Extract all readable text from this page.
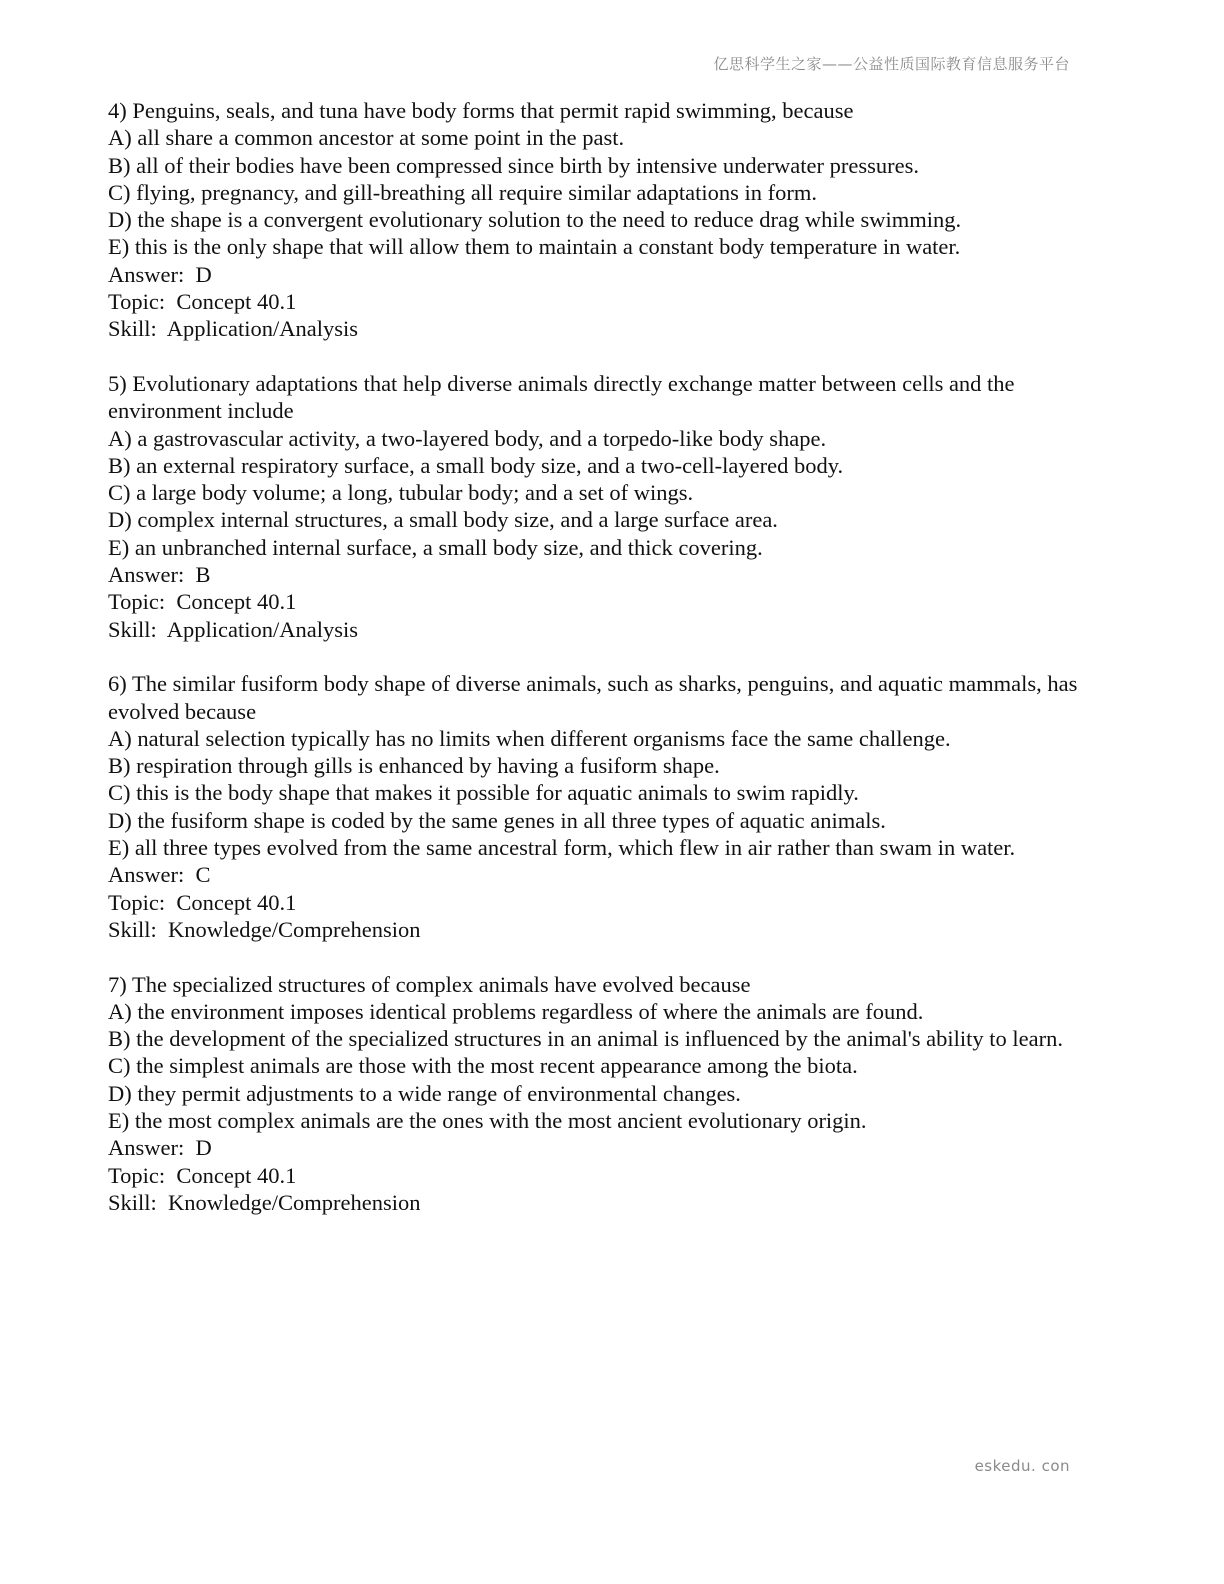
亿思科学生之家——公益性质国际教育信息服务平台
4) Penguins, seals, and tuna have body forms that permit rapid swimming, because
A) all share a common ancestor at some point in the past.
B) all of their bodies have been compressed since birth by intensive underwater pressures.
C) flying, pregnancy, and gill-breathing all require similar adaptations in form.
D) the shape is a convergent evolutionary solution to the need to reduce drag while swimming.
E) this is the only shape that will allow them to maintain a constant body temperature in water.
Answer:  D
Topic:  Concept 40.1
Skill:  Application/Analysis
5) Evolutionary adaptations that help diverse animals directly exchange matter between cells and the environment include
A) a gastrovascular activity, a two-layered body, and a torpedo-like body shape.
B) an external respiratory surface, a small body size, and a two-cell-layered body.
C) a large body volume; a long, tubular body; and a set of wings.
D) complex internal structures, a small body size, and a large surface area.
E) an unbranched internal surface, a small body size, and thick covering.
Answer:  B
Topic:  Concept 40.1
Skill:  Application/Analysis
6) The similar fusiform body shape of diverse animals, such as sharks, penguins, and aquatic mammals, has evolved because
A) natural selection typically has no limits when different organisms face the same challenge.
B) respiration through gills is enhanced by having a fusiform shape.
C) this is the body shape that makes it possible for aquatic animals to swim rapidly.
D) the fusiform shape is coded by the same genes in all three types of aquatic animals.
E) all three types evolved from the same ancestral form, which flew in air rather than swam in water.
Answer:  C
Topic:  Concept 40.1
Skill:  Knowledge/Comprehension
7) The specialized structures of complex animals have evolved because
A) the environment imposes identical problems regardless of where the animals are found.
B) the development of the specialized structures in an animal is influenced by the animal's ability to learn.
C) the simplest animals are those with the most recent appearance among the biota.
D) they permit adjustments to a wide range of environmental changes.
E) the most complex animals are the ones with the most ancient evolutionary origin.
Answer:  D
Topic:  Concept 40.1
Skill:  Knowledge/Comprehension
eskedu. con
